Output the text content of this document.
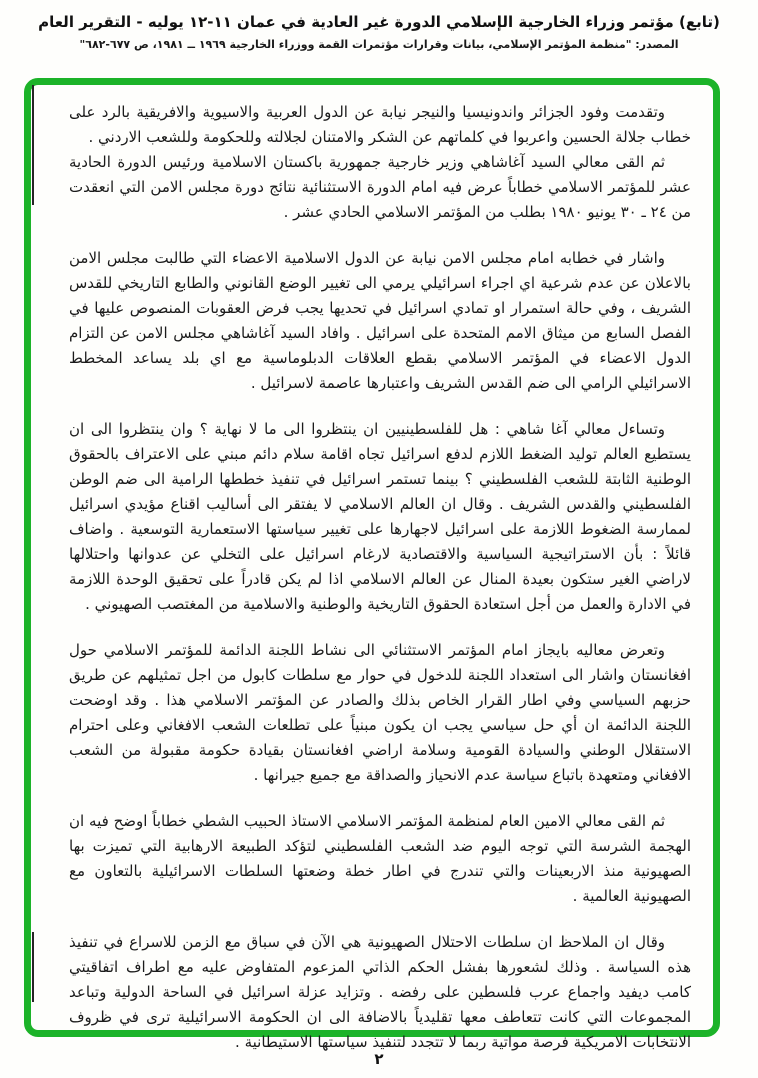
(تابع) مؤتمر وزراء الخارجية الإسلامي الدورة غير العادية في عمان ١١-١٢ يوليه - التقرير العام
المصدر: "منظمة المؤتمر الإسلامي، بيانات وقرارات مؤتمرات القمة ووزراء الخارجية ١٩٦٩ ــ ١٩٨١، ص ٦٧٧-٦٨٢"

وتقدمت وفود الجزائر واندونيسيا والنيجر نيابة عن الدول العربية والاسيوية والافريقية بالرد على خطاب جلالة الحسين واعربوا في كلماتهم عن الشكر والامتنان لجلالته وللحكومة وللشعب الاردني .

ثم القى معالي السيد آغاشاهي وزير خارجية جمهورية باكستان الاسلامية ورئيس الدورة الحادية عشر للمؤتمر الاسلامي خطاباً عرض فيه امام الدورة الاستثنائية نتائج دورة مجلس الامن التي انعقدت من ٢٤ ـ ٣٠ يونيو ١٩٨٠ بطلب من المؤتمر الاسلامي الحادي عشر .

واشار في خطابه امام مجلس الامن نيابة عن الدول الاسلامية الاعضاء التي طالبت مجلس الامن بالاعلان عن عدم شرعية اي اجراء اسرائيلي يرمي الى تغيير الوضع القانوني والطابع التاريخي للقدس الشريف ، وفي حالة استمرار او تمادي اسرائيل في تحديها يجب فرض العقوبات المنصوص عليها في الفصل السابع من ميثاق الامم المتحدة على اسرائيل . وافاد السيد آغاشاهي مجلس الامن عن التزام الدول الاعضاء في المؤتمر الاسلامي بقطع العلاقات الدبلوماسية مع اي بلد يساعد المخطط الاسرائيلي الرامي الى ضم القدس الشريف واعتبارها عاصمة لاسرائيل .

وتساءل معالي آغا شاهي : هل للفلسطينيين ان ينتظروا الى ما لا نهاية ؟ وان ينتظروا الى ان يستطيع العالم توليد الضغط اللازم لدفع اسرائيل تجاه اقامة سلام دائم مبني على الاعتراف بالحقوق الوطنية الثابتة للشعب الفلسطيني ؟ بينما تستمر اسرائيل في تنفيذ خططها الرامية الى ضم الوطن الفلسطيني والقدس الشريف . وقال ان العالم الاسلامي لا يفتقر الى أساليب اقناع مؤيدي اسرائيل لممارسة الضغوط اللازمة على اسرائيل لاجهارها على تغيير سياستها الاستعمارية التوسعية . واضاف قائلاً : بأن الاستراتيجية السياسية والاقتصادية لارغام اسرائيل على التخلي عن عدوانها واحتلالها لاراضي الغير ستكون بعيدة المنال عن العالم الاسلامي اذا لم يكن قادراً على تحقيق الوحدة اللازمة في الادارة والعمل من أجل استعادة الحقوق التاريخية والوطنية والاسلامية من المغتصب الصهيوني .

وتعرض معاليه بايجاز امام المؤتمر الاستثنائي الى نشاط اللجنة الدائمة للمؤتمر الاسلامي حول افغانستان واشار الى استعداد اللجنة للدخول في حوار مع سلطات كابول من اجل تمثيلهم عن طريق حزبهم السياسي وفي اطار القرار الخاص بذلك والصادر عن المؤتمر الاسلامي هذا . وقد اوضحت اللجنة الدائمة ان أي حل سياسي يجب ان يكون مبنياً على تطلعات الشعب الافغاني وعلى احترام الاستقلال الوطني والسيادة القومية وسلامة اراضي افغانستان بقيادة حكومة مقبولة من الشعب الافغاني ومتعهدة باتباع سياسة عدم الانحياز والصداقة مع جميع جيرانها .

ثم القى معالي الامين العام لمنظمة المؤتمر الاسلامي الاستاذ الحبيب الشطي خطاباً اوضح فيه ان الهجمة الشرسة التي توجه اليوم ضد الشعب الفلسطيني لتؤكد الطبيعة الارهابية التي تميزت بها الصهيونية منذ الاربعينات والتي تندرج في اطار خطة وضعتها السلطات الاسرائيلية بالتعاون مع الصهيونية العالمية .

وقال ان الملاحظ ان سلطات الاحتلال الصهيونية هي الآن في سباق مع الزمن للاسراع في تنفيذ هذه السياسة . وذلك لشعورها بفشل الحكم الذاتي المزعوم المتفاوض عليه مع اطراف اتفاقيتي كامب ديفيد واجماع عرب فلسطين على رفضه . وتزايد عزلة اسرائيل في الساحة الدولية وتباعد المجموعات التي كانت تتعاطف معها تقليدياً بالاضافة الى ان الحكومة الاسرائيلية ترى في ظروف الانتخابات الامريكية فرصة مواتية ربما لا تتجدد لتنفيذ سياستها الاستيطانية .

٢
